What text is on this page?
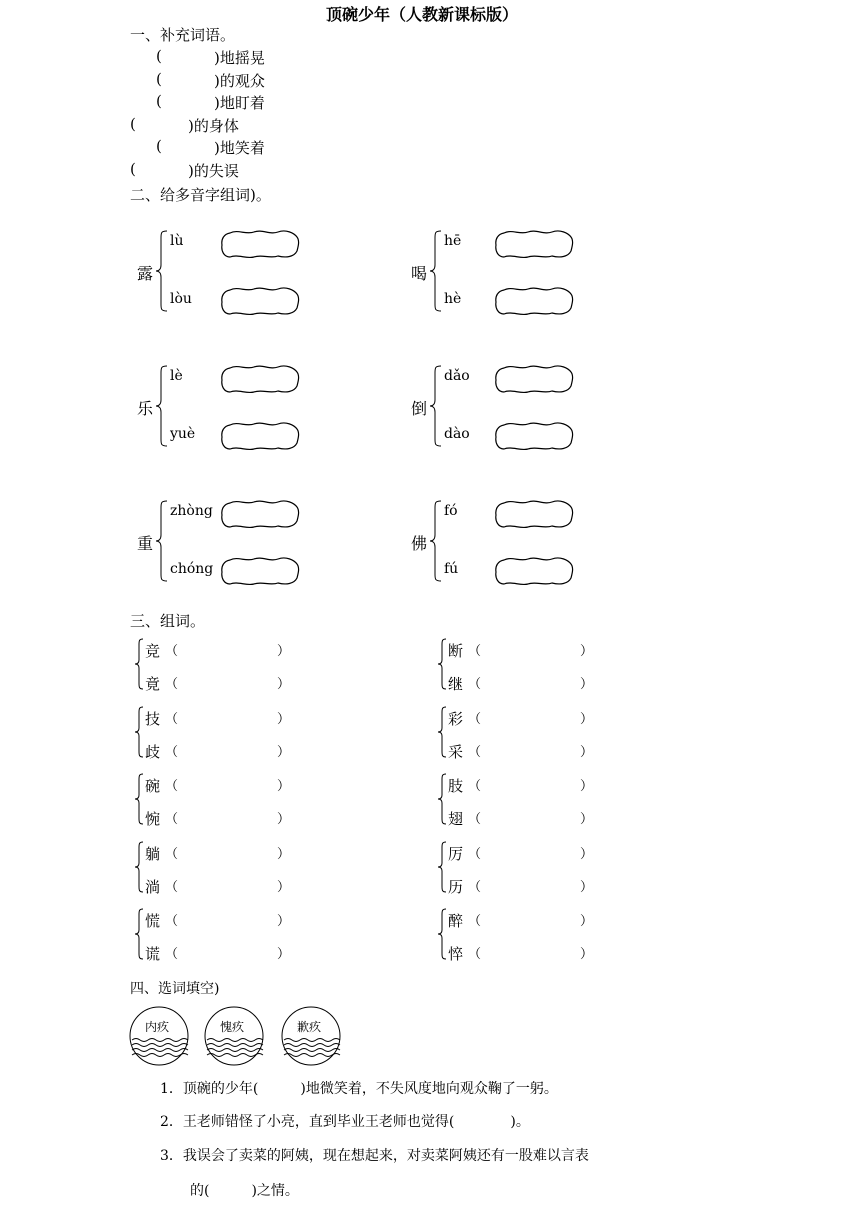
顶碗少年（人教新课标版）
一、补充词语。
二、给多音字组词)。
三、组词。
四、选词填空)
(	)地摇晃
(	)的观众
(	)地盯着
(	)的身体
(	)地笑着
(	)的失误
露
lù
lòu
喝
hē
hè
乐
lè
yuè
倒
dǎo
dào
重
zhòng
chóng
佛
fó
fú
竞 （	）
竟 （	）
技 （	）
歧 （	）
碗 （	）
惋 （	）
躺 （	）
淌 （	）
慌 （	）
谎 （	）
断 （	）
继 （	）
彩 （	）
采 （	）
肢 （	）
翅 （	）
厉 （	）
历 （	）
醉 （	）
悴 （	）
内疚	愧疚	歉疚
1．顶碗的少年(　　　)地微笑着，不失风度地向观众鞠了一躬。
2．王老师错怪了小亮，直到毕业王老师也觉得(　　　　)。
3．我误会了卖菜的阿姨，现在想起来，对卖菜阿姨还有一股难以言表
的(　　　)之情。
